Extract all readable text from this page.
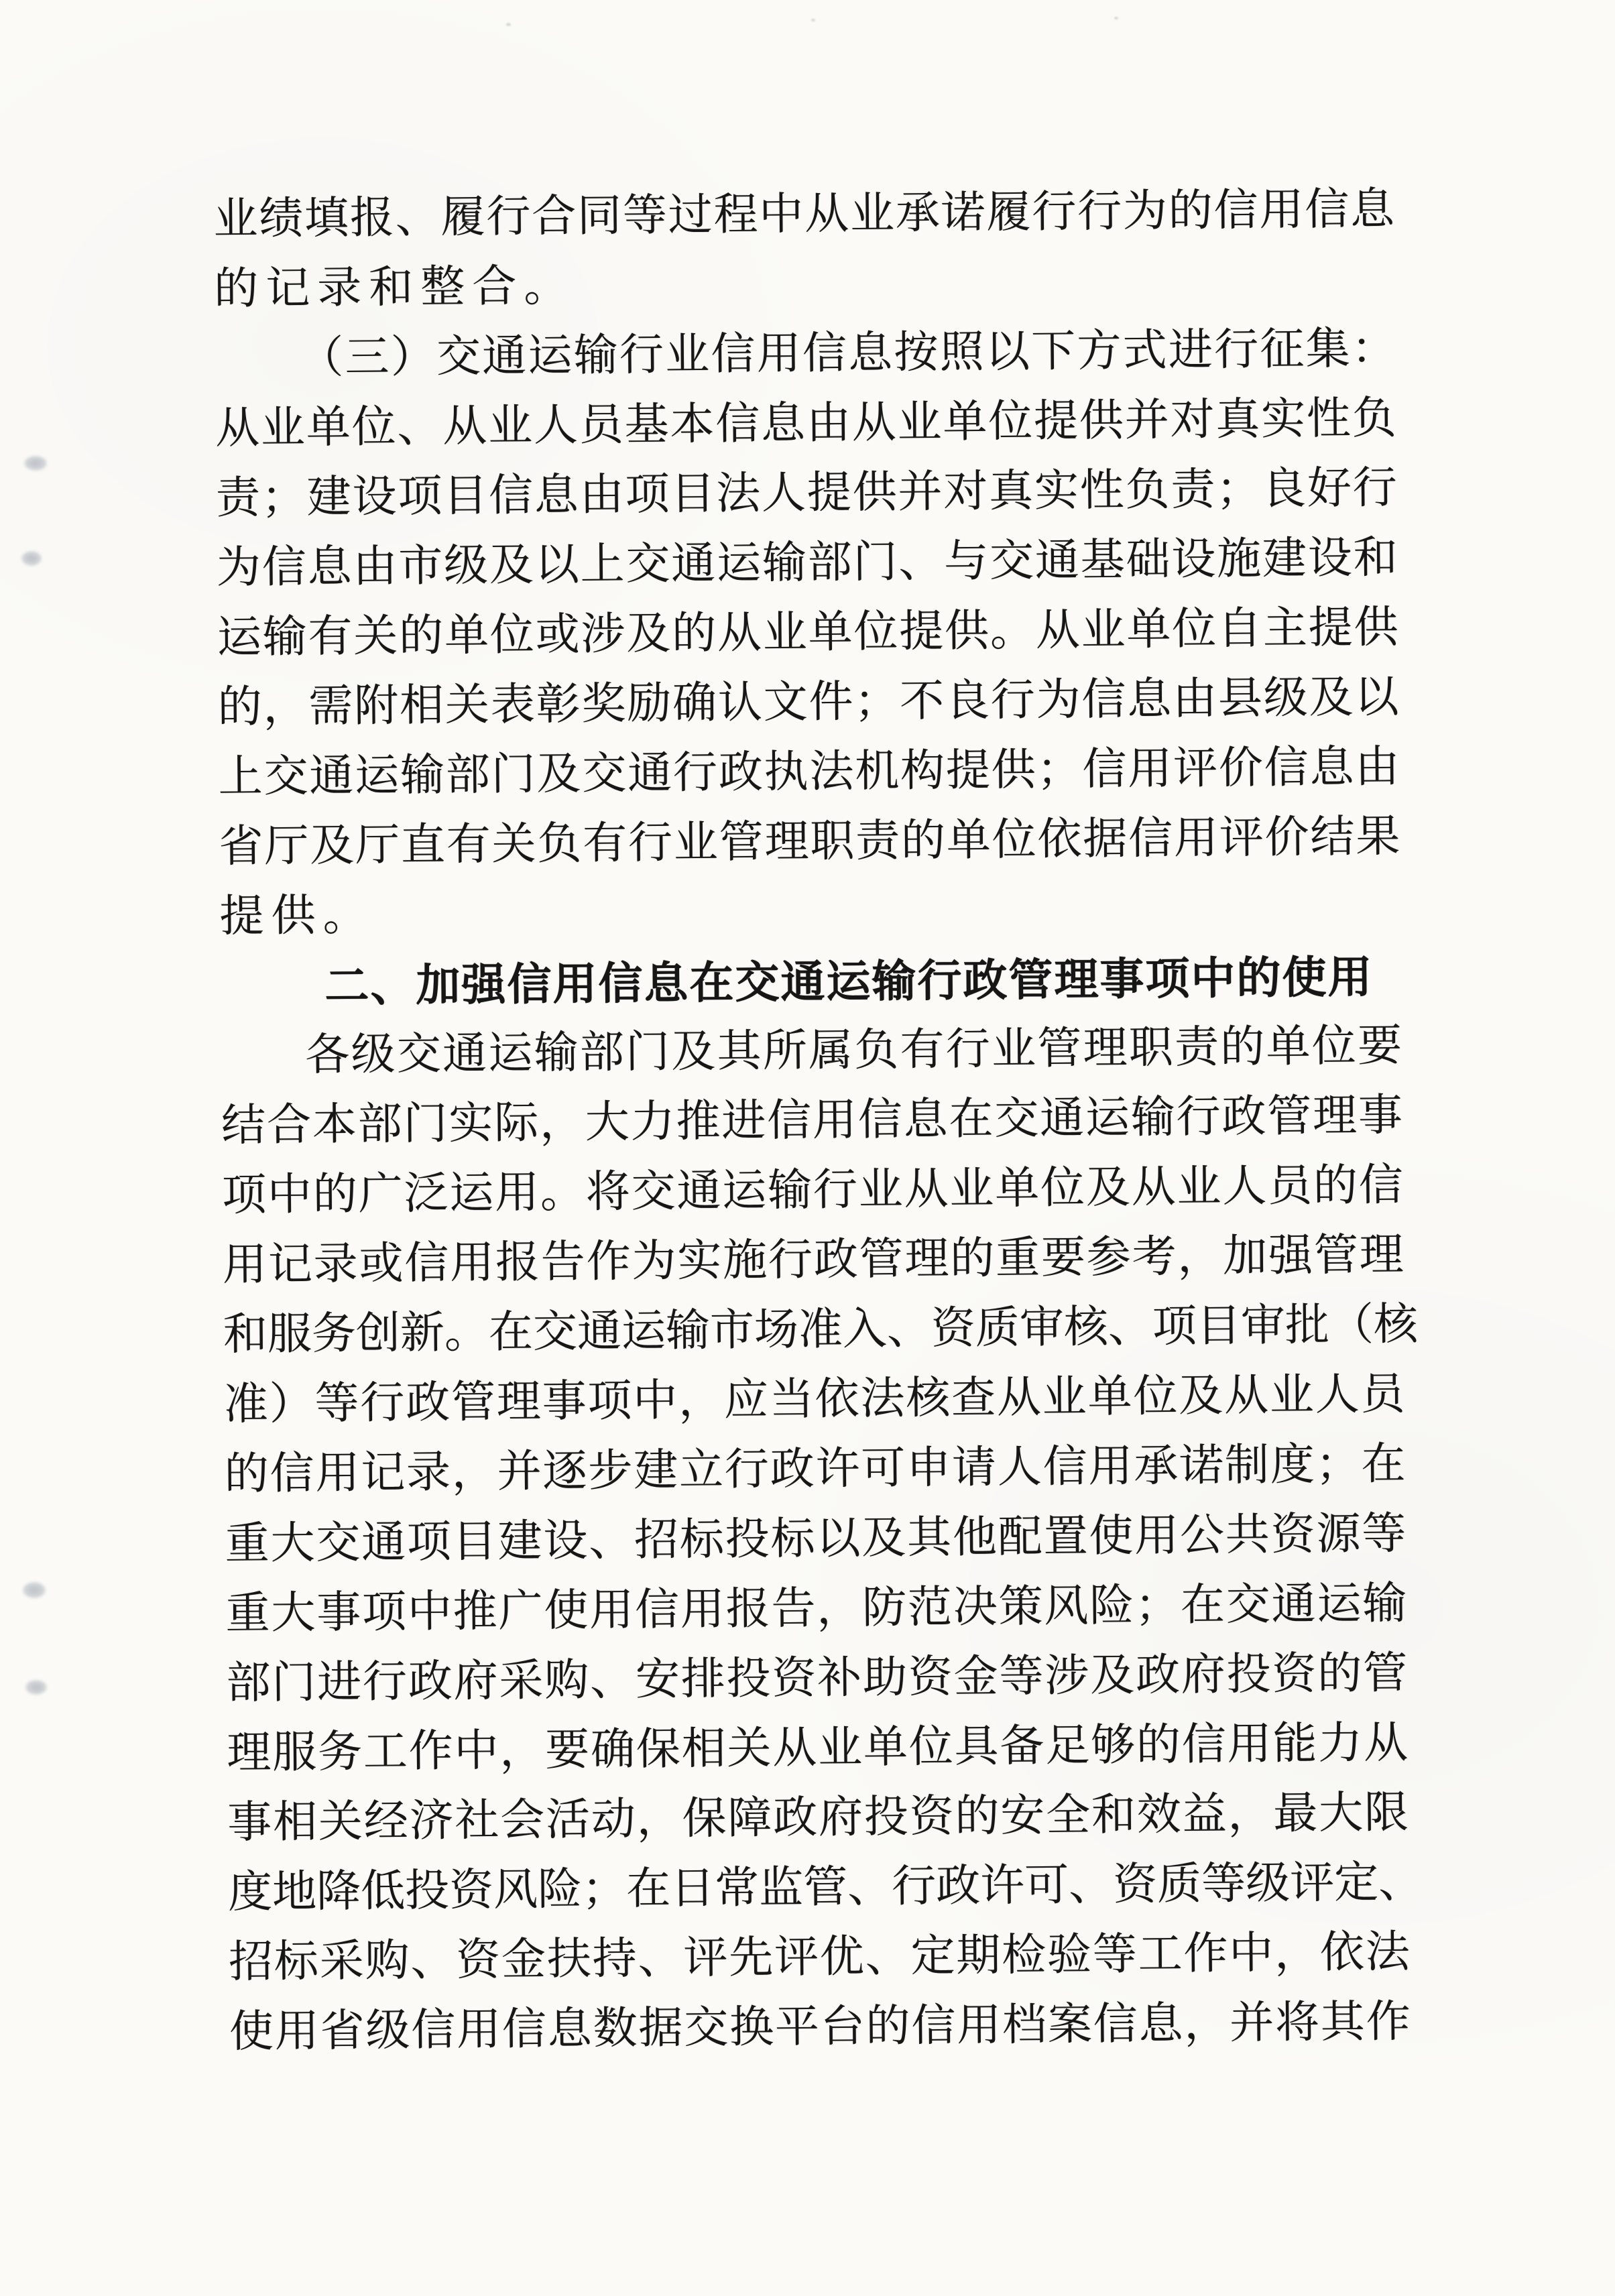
业 绩 填 报 、 履 行 合 同 等 过 程 中 从 业 承 诺 履 行 行 为 的 信 用 信 息
的记录和整合。
（ 三 ） 交 通 运 输 行 业 信 用 信 息 按 照 以 下 方 式 进 行 征 集 ：
从 业 单 位 、 从 业 人 员 基 本 信 息 由 从 业 单 位 提 供 并 对 真 实 性 负
责 ； 建 设 项 目 信 息 由 项 目 法 人 提 供 并 对 真 实 性 负 责 ； 良 好 行
为 信 息 由 市 级 及 以 上 交 通 运 输 部 门 、 与 交 通 基 础 设 施 建 设 和
运 输 有 关 的 单 位 或 涉 及 的 从 业 单 位 提 供 。 从 业 单 位 自 主 提 供
的 ， 需 附 相 关 表 彰 奖 励 确 认 文 件 ； 不 良 行 为 信 息 由 县 级 及 以
上 交 通 运 输 部 门 及 交 通 行 政 执 法 机 构 提 供 ； 信 用 评 价 信 息 由
省 厅 及 厅 直 有 关 负 有 行 业 管 理 职 责 的 单 位 依 据 信 用 评 价 结 果
提供。
二、加强信用信息在交通运输行政管理事项中的使用
各 级 交 通 运 输 部 门 及 其 所 属 负 有 行 业 管 理 职 责 的 单 位 要
结 合 本 部 门 实 际 ， 大 力 推 进 信 用 信 息 在 交 通 运 输 行 政 管 理 事
项 中 的 广 泛 运 用 。 将 交 通 运 输 行 业 从 业 单 位 及 从 业 人 员 的 信
用 记 录 或 信 用 报 告 作 为 实 施 行 政 管 理 的 重 要 参 考 ， 加 强 管 理
和 服 务 创 新 。 在 交 通 运 输 市 场 准 入 、 资 质 审 核 、 项 目 审 批 （ 核
准 ） 等 行 政 管 理 事 项 中 ， 应 当 依 法 核 查 从 业 单 位 及 从 业 人 员
的 信 用 记 录 ， 并 逐 步 建 立 行 政 许 可 申 请 人 信 用 承 诺 制 度 ； 在
重 大 交 通 项 目 建 设 、 招 标 投 标 以 及 其 他 配 置 使 用 公 共 资 源 等
重 大 事 项 中 推 广 使 用 信 用 报 告 ， 防 范 决 策 风 险 ； 在 交 通 运 输
部 门 进 行 政 府 采 购 、 安 排 投 资 补 助 资 金 等 涉 及 政 府 投 资 的 管
理 服 务 工 作 中 ， 要 确 保 相 关 从 业 单 位 具 备 足 够 的 信 用 能 力 从
事 相 关 经 济 社 会 活 动 ， 保 障 政 府 投 资 的 安 全 和 效 益 ， 最 大 限
度 地 降 低 投 资 风 险 ； 在 日 常 监 管 、 行 政 许 可 、 资 质 等 级 评 定 、
招 标 采 购 、 资 金 扶 持 、 评 先 评 优 、 定 期 检 验 等 工 作 中 ， 依 法
使 用 省 级 信 用 信 息 数 据 交 换 平 台 的 信 用 档 案 信 息 ， 并 将 其 作
